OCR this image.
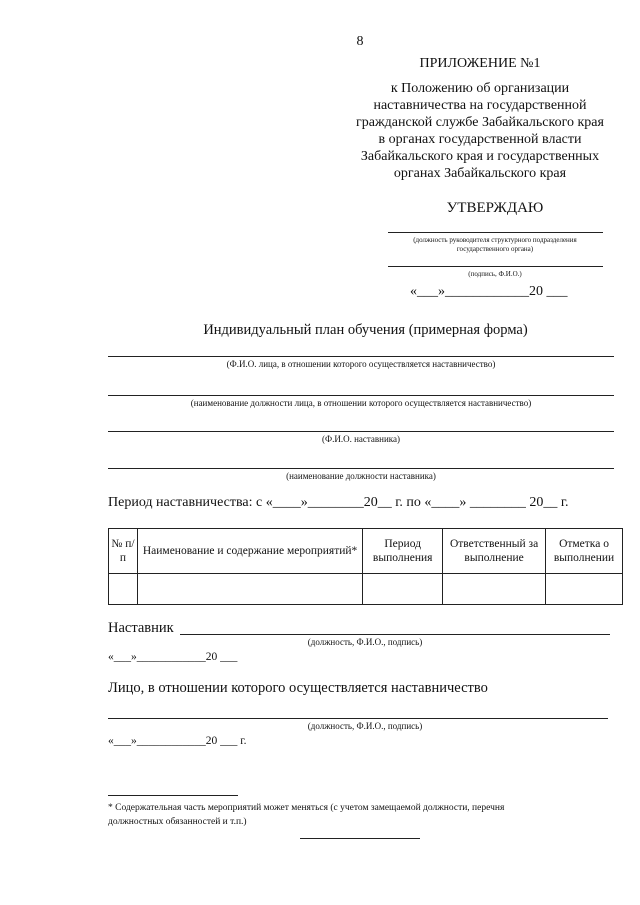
8
ПРИЛОЖЕНИЕ №1
к Положению об организации
наставничества на государственной
гражданской службе Забайкальского края
в органах государственной власти
Забайкальского края и государственных
органах Забайкальского края
УТВЕРЖДАЮ
(должность руководителя структурного подразделения
государственного органа)
(подпись, Ф.И.О.)
«___»____________20 ___
Индивидуальный план обучения (примерная форма)
(Ф.И.О. лица, в отношении которого осуществляется наставничество)
(наименование должности лица, в отношении которого осуществляется наставничество)
(Ф.И.О. наставника)
(наименование должности наставника)
Период наставничества: с «____»________20__ г. по «____» ________ 20__ г.
№ п/п	Наименование и содержание мероприятий*	Период выполнения	Ответственный за выполнение	Отметка о выполнении

Наставник
(должность, Ф.И.О., подпись)
«___»____________20 ___
Лицо, в отношении которого осуществляется наставничество
(должность, Ф.И.О., подпись)
«___»____________20 ___ г.
* Содержательная часть мероприятий может меняться (с учетом замещаемой должности, перечня
должностных обязанностей и т.п.)
